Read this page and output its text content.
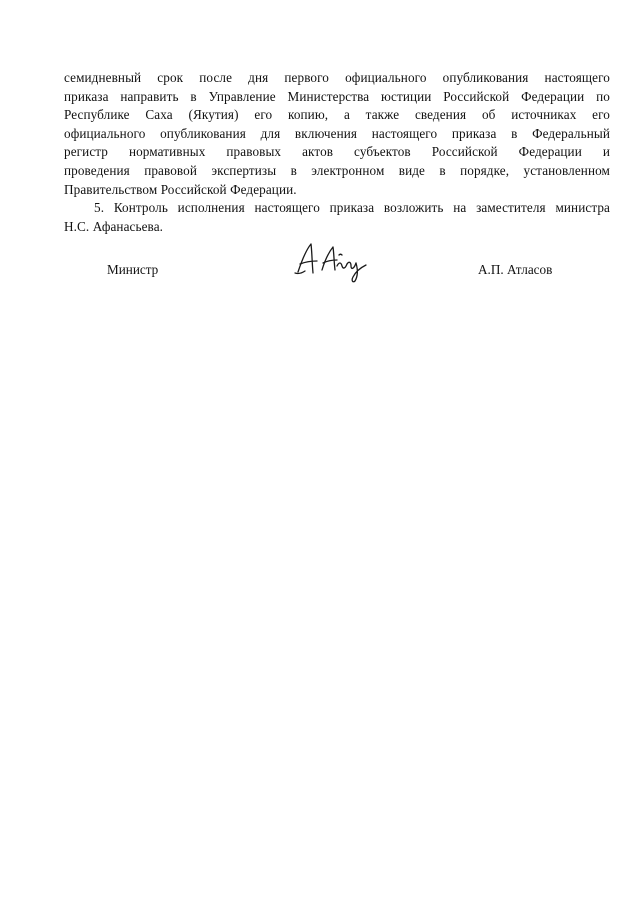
семидневный срок после дня первого официального опубликования настоящего
приказа направить в Управление Министерства юстиции Российской Федерации по
Республике Саха (Якутия) его копию, а также сведения об источниках его
официального опубликования для включения настоящего приказа в Федеральный
регистр нормативных правовых актов субъектов Российской Федерации и
проведения правовой экспертизы в электронном виде в порядке, установленном
Правительством Российской Федерации.
5. Контроль исполнения настоящего приказа возложить на заместителя министра
Н.С. Афанасьева.
Министр	А.П. Атласов
